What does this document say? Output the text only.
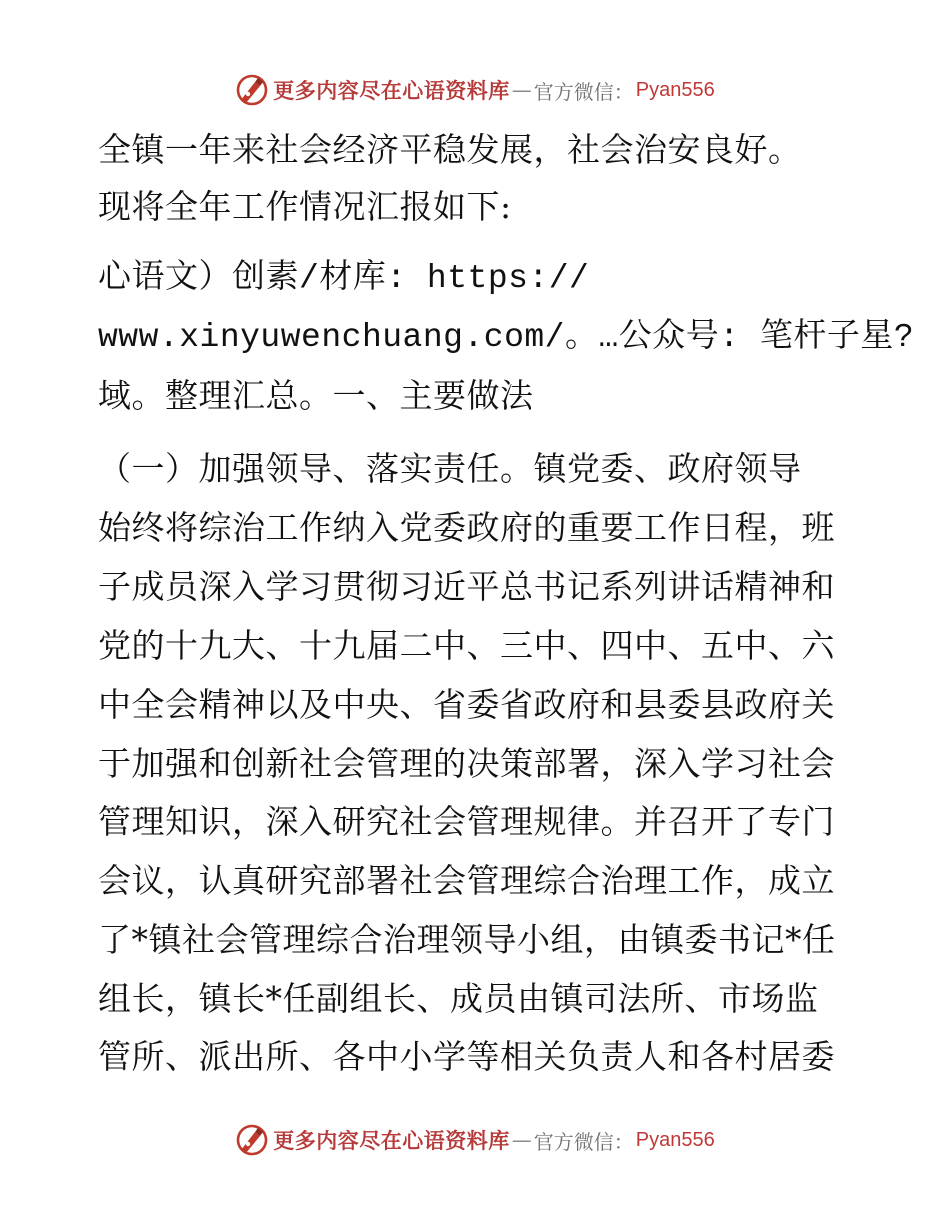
更多内容尽在心语资料库 — 官方微信： Pyan556
全镇一年来社会经济平稳发展，社会治安良好。
现将全年工作情况汇报如下:
心语文）创素/材库: https://
www.xinyuwenchuang.com/。…公众号: 笔杆子星?
域。整理汇总。一、主要做法
（一）加强领导、落实责任。镇党委、政府领导
始终将综治工作纳入党委政府的重要工作日程，班
子成员深入学习贯彻习近平总书记系列讲话精神和
党的十九大、十九届二中、三中、四中、五中、六
中全会精神以及中央、省委省政府和县委县政府关
于加强和创新社会管理的决策部署，深入学习社会
管理知识，深入研究社会管理规律。并召开了专门
会议，认真研究部署社会管理综合治理工作，成立
了*镇社会管理综合治理领导小组，由镇委书记*任
组长，镇长*任副组长、成员由镇司法所、市场监
管所、派出所、各中小学等相关负责人和各村居委
更多内容尽在心语资料库 — 官方微信： Pyan556
